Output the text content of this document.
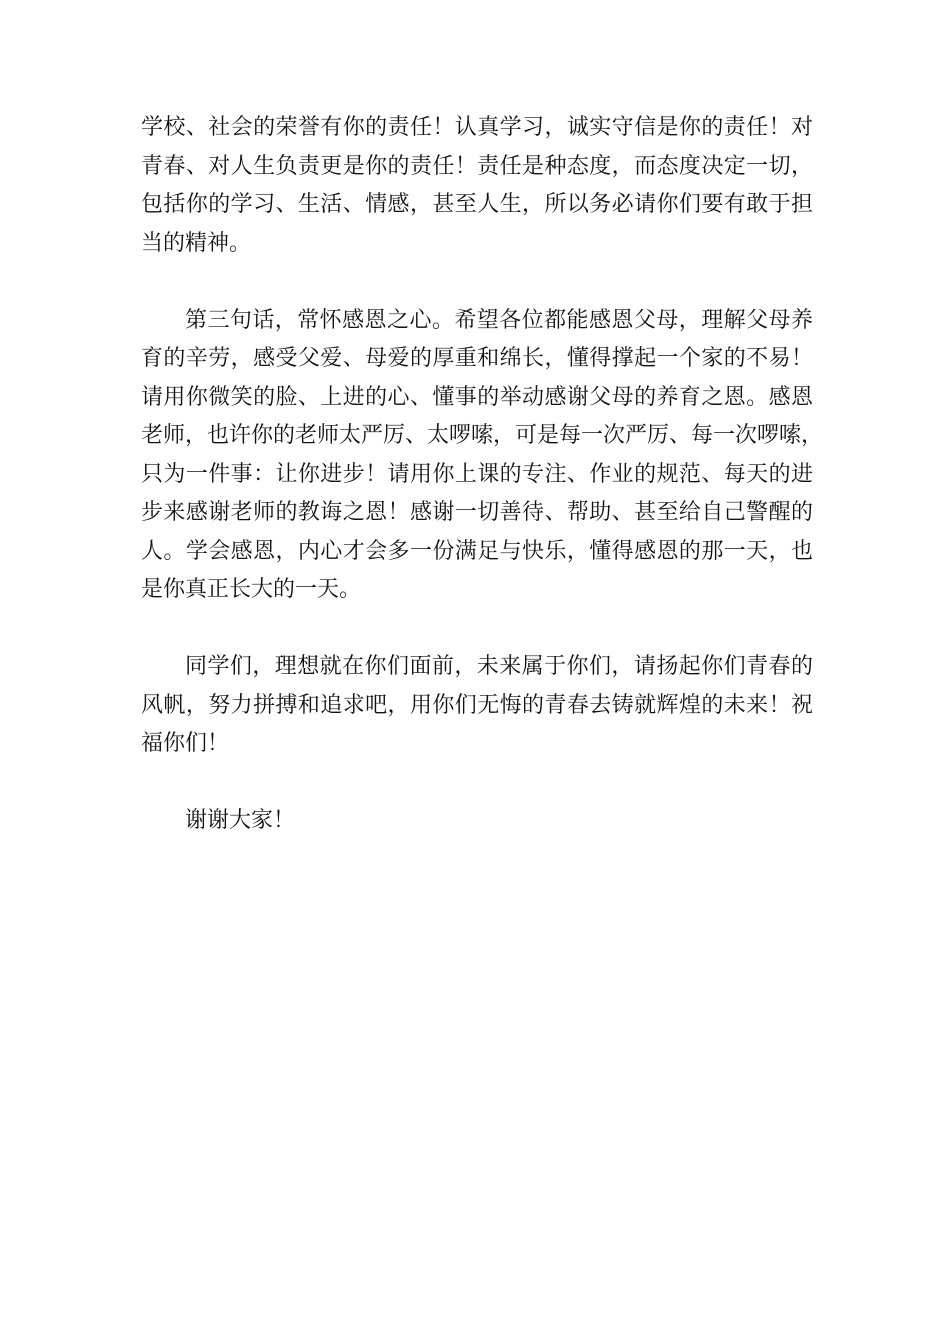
学校、社会的荣誉有你的责任！认真学习，诚实守信是你的责任！对
青春、对人生负责更是你的责任！责任是种态度，而态度决定一切，
包括你的学习、生活、情感，甚至人生，所以务必请你们要有敢于担
当的精神。
第三句话，常怀感恩之心。希望各位都能感恩父母，理解父母养
育的辛劳，感受父爱、母爱的厚重和绵长，懂得撑起一个家的不易！
请用你微笑的脸、上进的心、懂事的举动感谢父母的养育之恩。感恩
老师，也许你的老师太严厉、太啰嗦，可是每一次严厉、每一次啰嗦，
只为一件事：让你进步！请用你上课的专注、作业的规范、每天的进
步来感谢老师的教诲之恩！感谢一切善待、帮助、甚至给自己警醒的
人。学会感恩，内心才会多一份满足与快乐，懂得感恩的那一天，也
是你真正长大的一天。
同学们，理想就在你们面前，未来属于你们，请扬起你们青春的
风帆，努力拼搏和追求吧，用你们无悔的青春去铸就辉煌的未来！祝
福你们！
谢谢大家！
